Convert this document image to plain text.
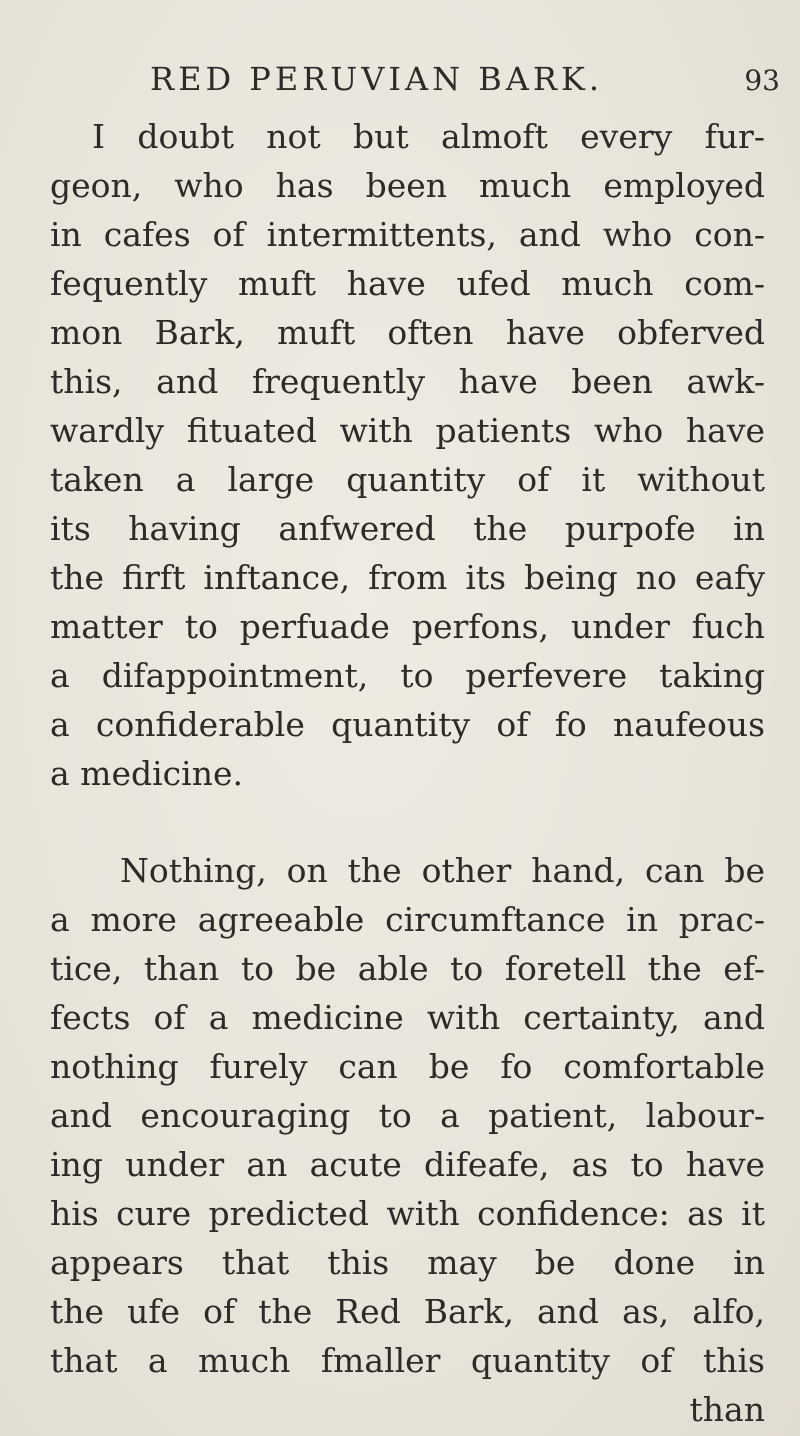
RED PERUVIAN BARK.	93
I doubt not but almoft every fur-
geon, who has been much employed
in cafes of intermittents, and who con-
fequently muft have ufed much com-
mon Bark, muft often have obferved
this, and frequently have been awk-
wardly fituated with patients who have
taken a large quantity of it without
its having anfwered the purpofe in
the firft inftance, from its being no eafy
matter to perfuade perfons, under fuch
a difappointment, to perfevere taking
a confiderable quantity of fo naufeous
a medicine.
Nothing, on the other hand, can be
a more agreeable circumftance in prac-
tice, than to be able to foretell the ef-
fects of a medicine with certainty, and
nothing furely can be fo comfortable
and encouraging to a patient, labour-
ing under an acute difeafe, as to have
his cure predicted with confidence: as it
appears that this may be done in
the ufe of the Red Bark, and as, alfo,
that a much fmaller quantity of this
than
